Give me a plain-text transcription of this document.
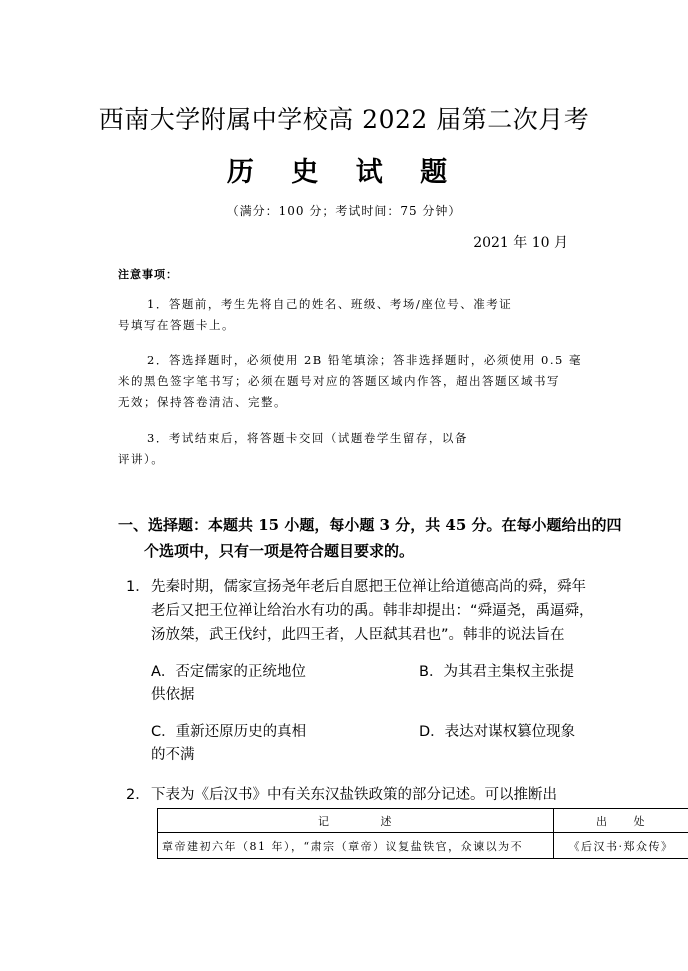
西南大学附属中学校高 2022 届第二次月考
历 史 试 题
（满分：100 分；考试时间：75 分钟）
2021 年 10 月
注意事项：
1．答题前，考生先将自己的姓名、班级、考场/座位号、准考证
号填写在答题卡上。
2．答选择题时，必须使用 2B 铅笔填涂；答非选择题时，必须使用 0.5 毫
米的黑色签字笔书写；必须在题号对应的答题区域内作答，超出答题区域书写
无效；保持答卷清洁、完整。
3．考试结束后，将答题卡交回（试题卷学生留存，以备
评讲）。
一、选择题：本题共 15 小题，每小题 3 分，共 45 分。在每小题给出的四
个选项中，只有一项是符合题目要求的。
1． 先秦时期，儒家宣扬尧年老后自愿把王位禅让给道德高尚的舜，舜年
老后又把王位禅让给治水有功的禹。韩非却提出：“舜逼尧，禹逼舜，
汤放桀，武王伐纣，此四王者，人臣弑其君也”。韩非的说法旨在
A．否定儒家的正统地位	B．为其君主集权主张提
供依据
C．重新还原历史的真相	D．表达对谋权篡位现象
的不满
2． 下表为《后汉书》中有关东汉盐铁政策的部分记述。可以推断出
记　　　　述	出　　处
章帝建初六年（81 年），“肃宗（章帝）议复盐铁官，众谏以为不	《后汉书·郑众传》
